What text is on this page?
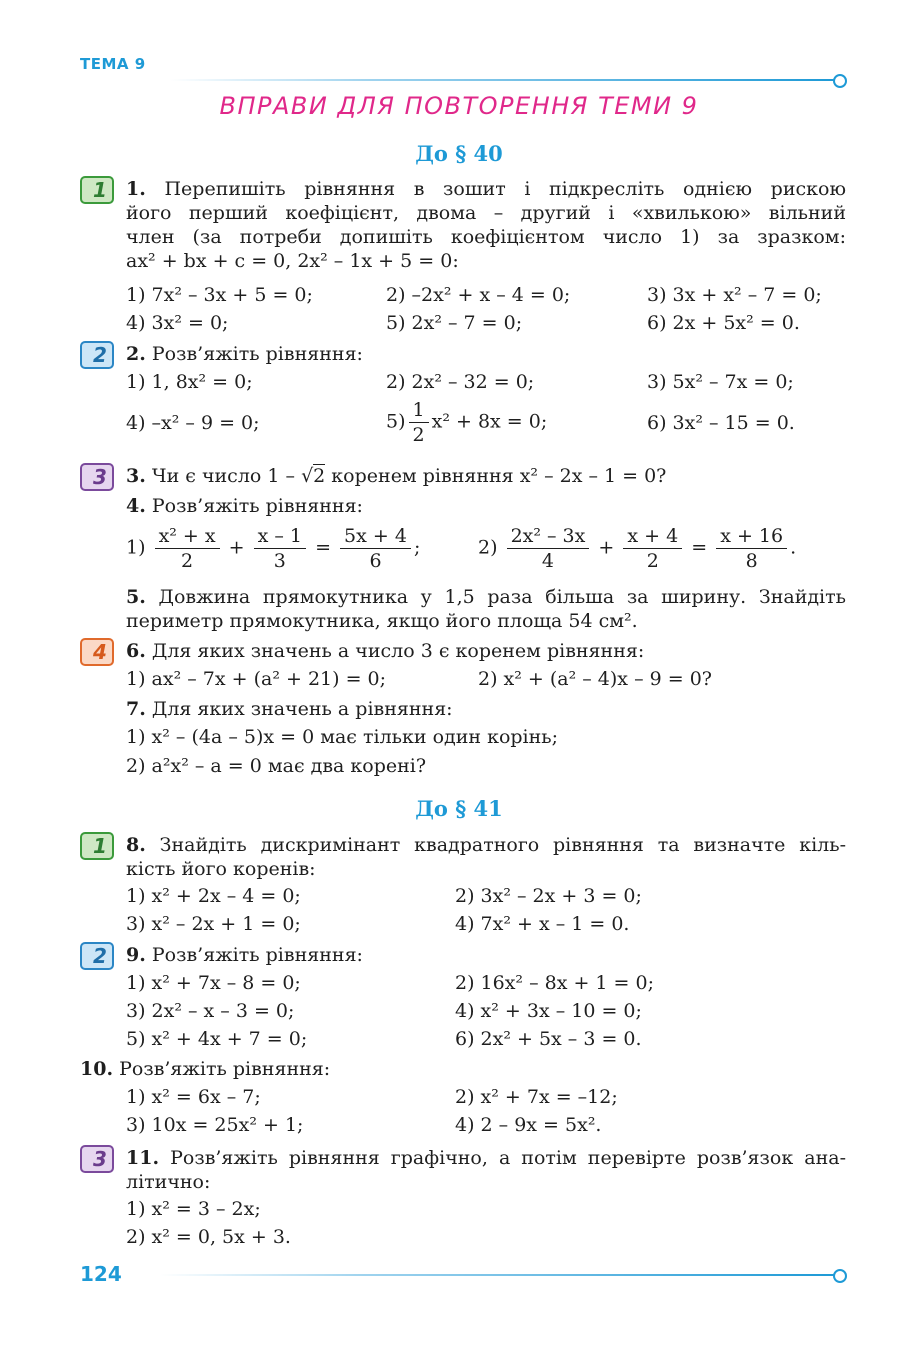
ТЕМА 9
ВПРАВИ ДЛЯ ПОВТОРЕННЯ ТЕМИ 9
До § 40
1	1. Перепишіть рівняння в зошит і підкресліть однією рискою
його перший коефіцієнт, двома – другий і «хвилькою» вільний
член (за потреби допишіть коефіцієнтом число 1) за зразком:
ax² + bx + c = 0, 2x² – 1x + 5 = 0:
1) 7x² – 3x + 5 = 0;	2) –2x² + x – 4 = 0;	3) 3x + x² – 7 = 0;
4) 3x² = 0;	5) 2x² – 7 = 0;	6) 2x + 5x² = 0.
2	2. Розв’яжіть рівняння:
1) 1, 8x² = 0;	2) 2x² – 32 = 0;	3) 5x² – 7x = 0;
4) –x² – 9 = 0;	$5) \frac{1}{2} x^2 + 8x = 0$;	6) 3x² – 15 = 0.
3	3. Чи є число 1 – √2 коренем рівняння x² – 2x – 1 = 0?
4. Розв’яжіть рівняння:
$1) \frac{\text{x² + x}}{2} + \frac{x - 1}{3} = \frac{5x + 4}{6}$ ;	$2) \frac{\text{2x² – 3x}}{4} + \frac{x + 4}{2} = \frac{x + 16}{8}$ .
5. Довжина прямокутника у 1,5 раза більша за ширину. Знайдіть
периметр прямокутника, якщо його площа 54 см².
4	6. Для яких значень a число 3 є коренем рівняння:
1) ax² – 7x + (a² + 21) = 0;	2) x² + (a² – 4)x – 9 = 0?
7. Для яких значень a рівняння:
1) x² – (4a – 5)x = 0 має тільки один корінь;
2) a²x² – a = 0 має два корені?
До § 41
1	8. Знайдіть дискримінант квадратного рівняння та визначте кіль-
кість його коренів:
1) x² + 2x – 4 = 0;	2) 3x² – 2x + 3 = 0;
3) x² – 2x + 1 = 0;	4) 7x² + x – 1 = 0.
2	9. Розв’яжіть рівняння:
1) x² + 7x – 8 = 0;	2) 16x² – 8x + 1 = 0;
3) 2x² – x – 3 = 0;	4) x² + 3x – 10 = 0;
5) x² + 4x + 7 = 0;	6) 2x² + 5x – 3 = 0.
10. Розв’яжіть рівняння:
1) x² = 6x – 7;	2) x² + 7x = –12;
3) 10x = 25x² + 1;	4) 2 – 9x = 5x².
3	11. Розв’яжіть рівняння графічно, а потім перевірте розв’язок ана-
літично:
1) x² = 3 – 2x;
2) x² = 0, 5x + 3.
124
